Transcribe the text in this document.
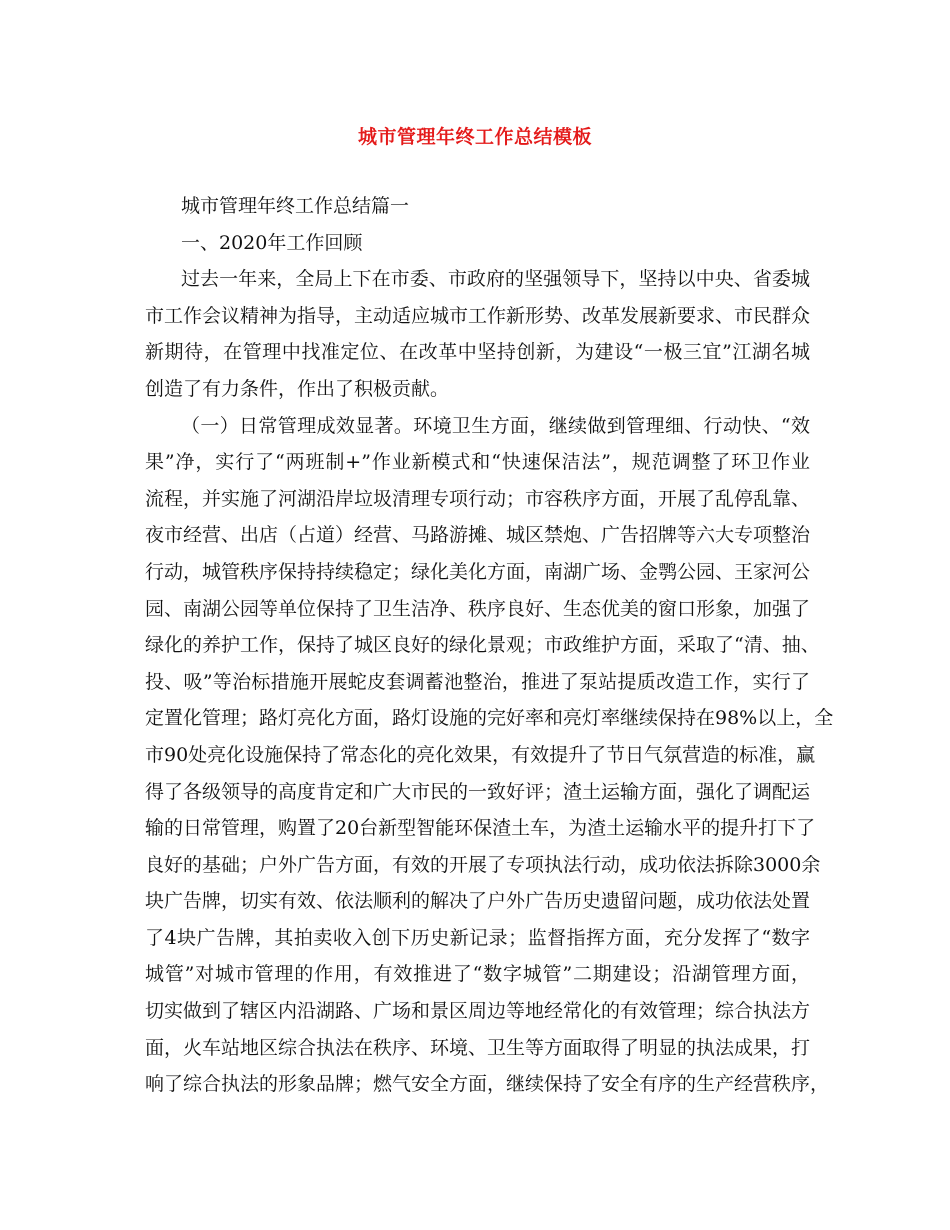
城市管理年终工作总结模板
城市管理年终工作总结篇一
一、2020年工作回顾
过去一年来，全局上下在市委、市政府的坚强领导下，坚持以中央、省委城
市工作会议精神为指导，主动适应城市工作新形势、改革发展新要求、市民群众
新期待，在管理中找准定位、在改革中坚持创新，为建设“一极三宜”江湖名城
创造了有力条件，作出了积极贡献。
（一）日常管理成效显著。环境卫生方面，继续做到管理细、行动快、“效
果”净，实行了“两班制+”作业新模式和“快速保洁法”，规范调整了环卫作业
流程，并实施了河湖沿岸垃圾清理专项行动；市容秩序方面，开展了乱停乱靠、
夜市经营、出店（占道）经营、马路游摊、城区禁炮、广告招牌等六大专项整治
行动，城管秩序保持持续稳定；绿化美化方面，南湖广场、金鹗公园、王家河公
园、南湖公园等单位保持了卫生洁净、秩序良好、生态优美的窗口形象，加强了
绿化的养护工作，保持了城区良好的绿化景观；市政维护方面，采取了“清、抽、
投、吸”等治标措施开展蛇皮套调蓄池整治，推进了泵站提质改造工作，实行了
定置化管理；路灯亮化方面，路灯设施的完好率和亮灯率继续保持在98%以上，全
市90处亮化设施保持了常态化的亮化效果，有效提升了节日气氛营造的标准，赢
得了各级领导的高度肯定和广大市民的一致好评；渣土运输方面，强化了调配运
输的日常管理，购置了20台新型智能环保渣土车，为渣土运输水平的提升打下了
良好的基础；户外广告方面，有效的开展了专项执法行动，成功依法拆除3000余
块广告牌，切实有效、依法顺利的解决了户外广告历史遗留问题，成功依法处置
了4块广告牌，其拍卖收入创下历史新记录；监督指挥方面，充分发挥了“数字
城管”对城市管理的作用，有效推进了“数字城管”二期建设；沿湖管理方面，
切实做到了辖区内沿湖路、广场和景区周边等地经常化的有效管理；综合执法方
面，火车站地区综合执法在秩序、环境、卫生等方面取得了明显的执法成果，打
响了综合执法的形象品牌；燃气安全方面，继续保持了安全有序的生产经营秩序，
